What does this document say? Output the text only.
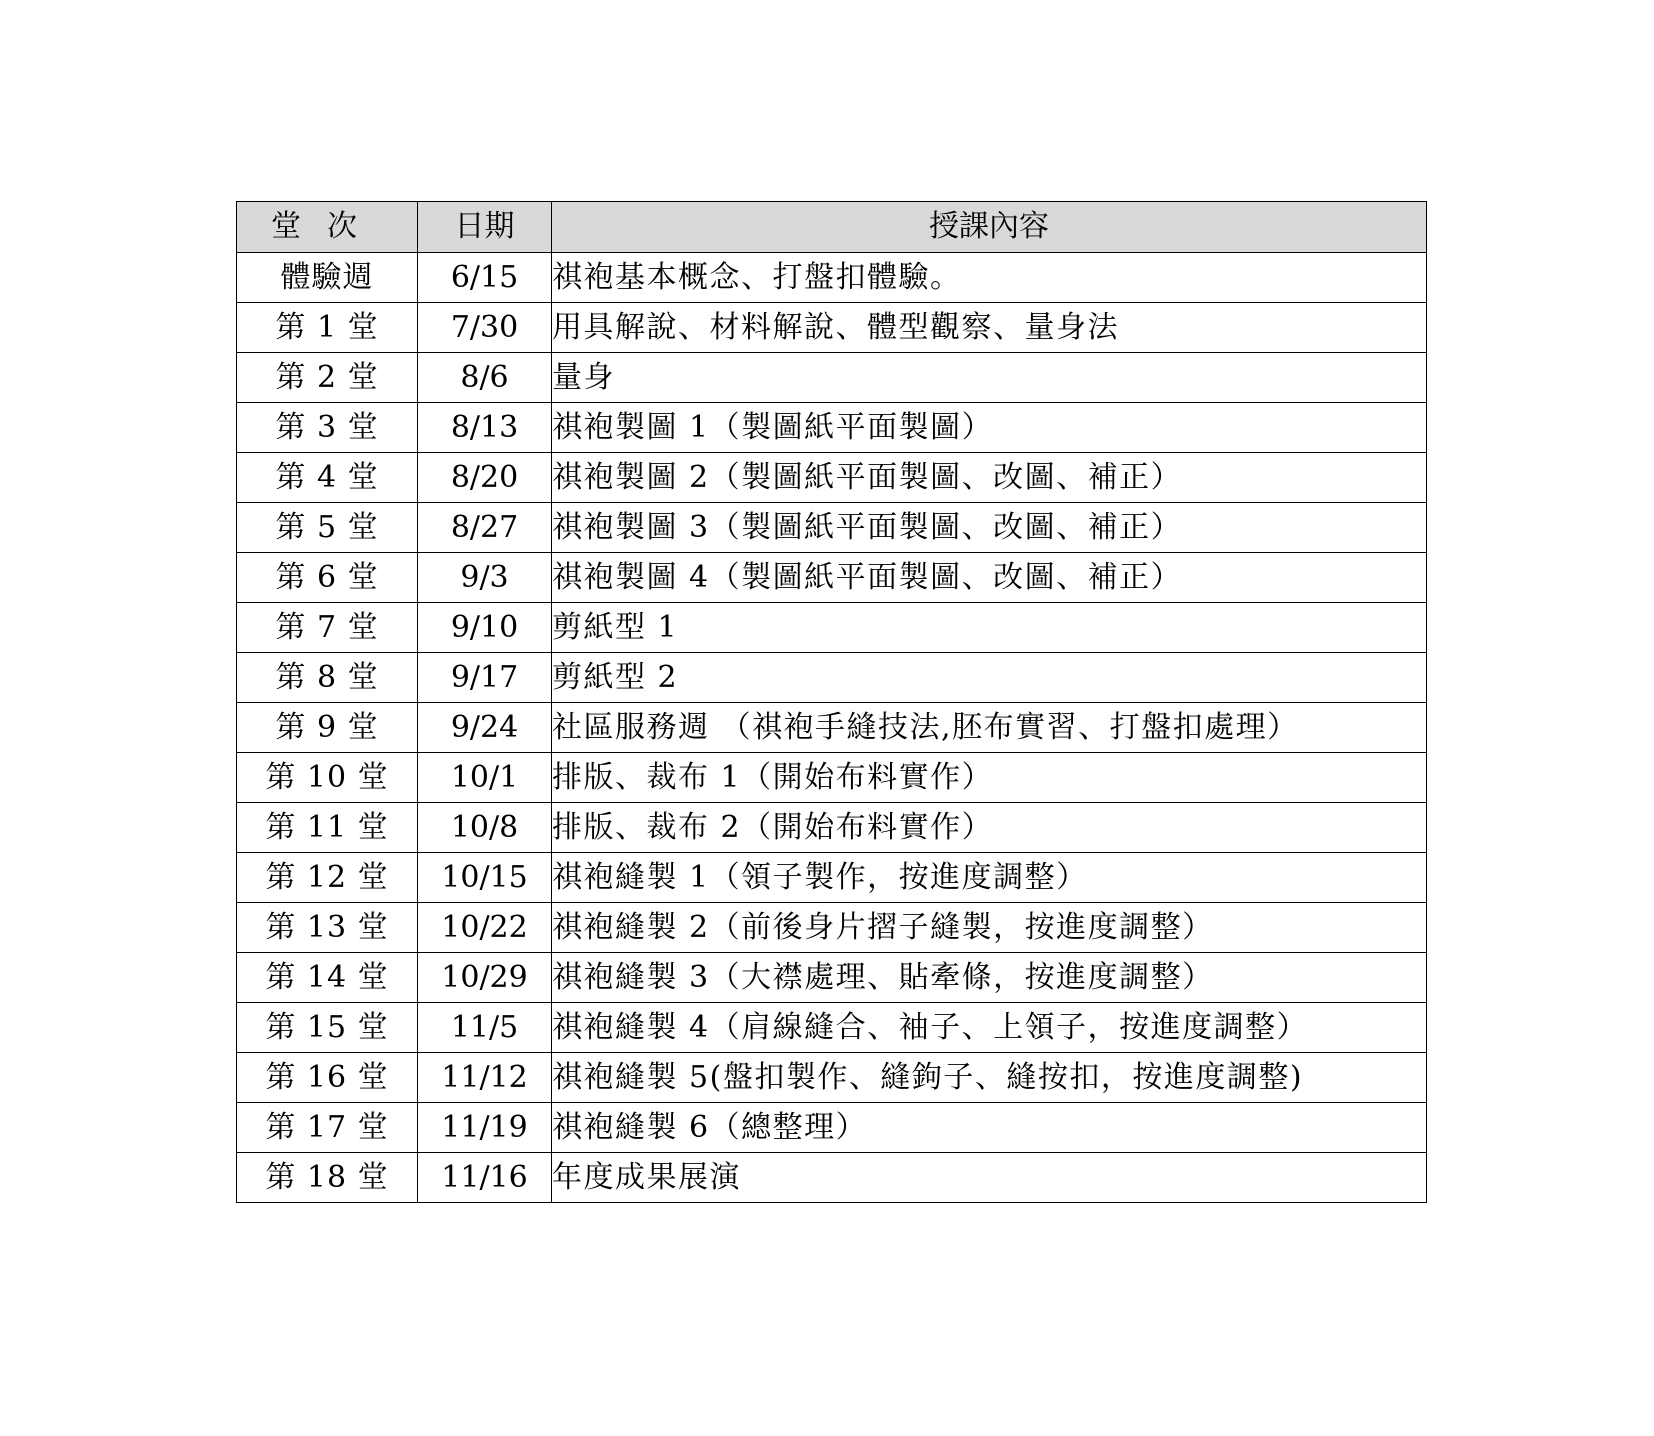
堂次	日期	授課內容
體驗週	6/15	祺袍基本概念、打盤扣體驗。
第 1 堂	7/30	用具解說、材料解說、體型觀察、量身法
第 2 堂	8/6	量身
第 3 堂	8/13	祺袍製圖 1（製圖紙平面製圖）
第 4 堂	8/20	祺袍製圖 2（製圖紙平面製圖、改圖、補正）
第 5 堂	8/27	祺袍製圖 3（製圖紙平面製圖、改圖、補正）
第 6 堂	9/3	祺袍製圖 4（製圖紙平面製圖、改圖、補正）
第 7 堂	9/10	剪紙型 1
第 8 堂	9/17	剪紙型 2
第 9 堂	9/24	社區服務週 （祺袍手縫技法,胚布實習、打盤扣處理）
第 10 堂	10/1	排版、裁布 1（開始布料實作）
第 11 堂	10/8	排版、裁布 2（開始布料實作）
第 12 堂	10/15	祺袍縫製 1（領子製作，按進度調整）
第 13 堂	10/22	祺袍縫製 2（前後身片摺子縫製，按進度調整）
第 14 堂	10/29	祺袍縫製 3（大襟處理、貼牽條，按進度調整）
第 15 堂	11/5	祺袍縫製 4（肩線縫合、袖子、上領子，按進度調整）
第 16 堂	11/12	祺袍縫製 5(盤扣製作、縫鉤子、縫按扣，按進度調整)
第 17 堂	11/19	祺袍縫製 6（總整理）
第 18 堂	11/16	年度成果展演
